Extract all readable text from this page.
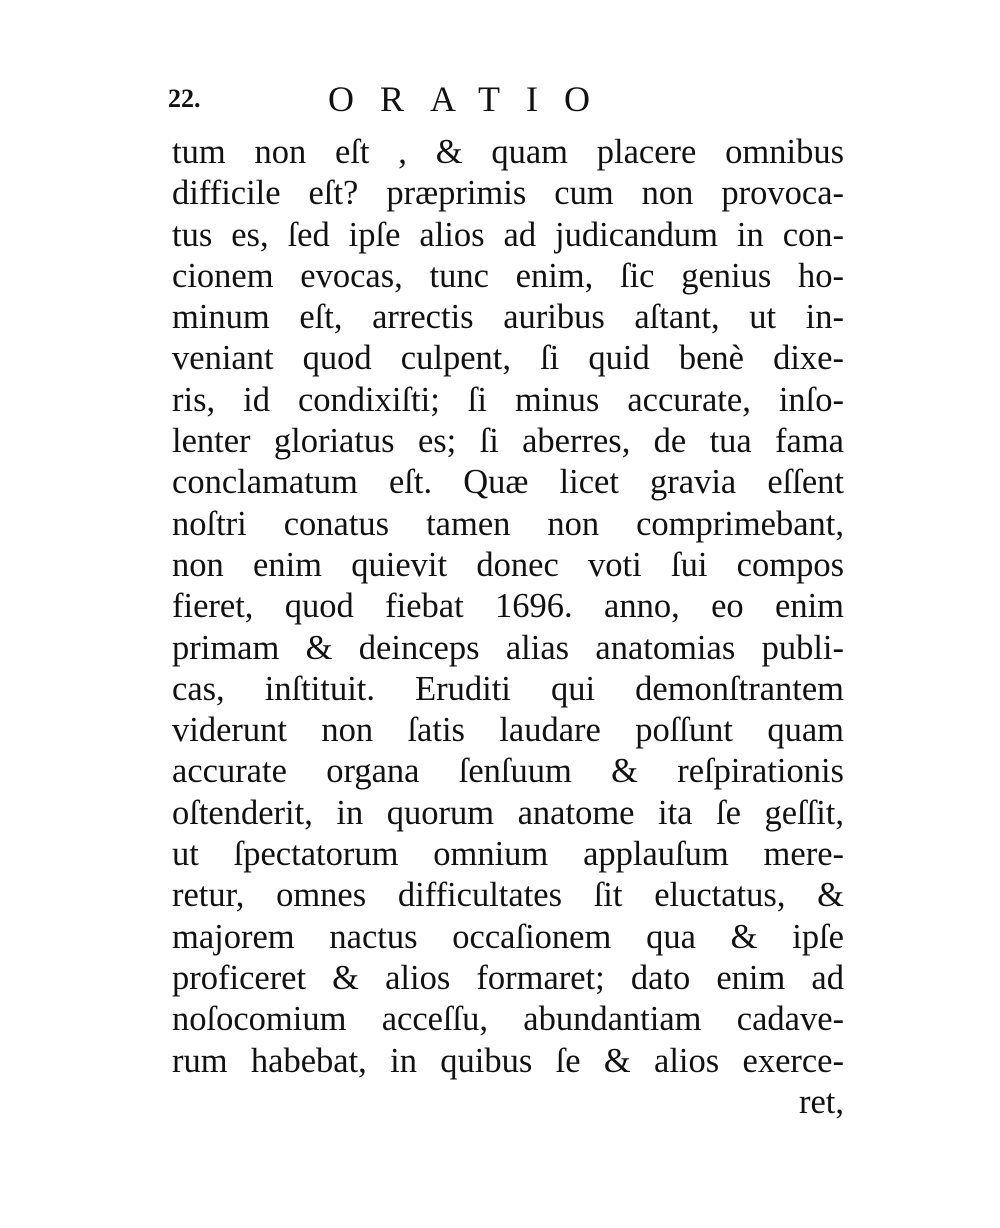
22.	ORATIO
tum non eſt , & quam placere omnibus
difficile eſt? præprimis cum non provoca-
tus es, ſed ipſe alios ad judicandum in con-
cionem evocas, tunc enim, ſic genius ho-
minum eſt, arrectis auribus aſtant, ut in-
veniant quod culpent, ſi quid benè dixe-
ris, id condixiſti; ſi minus accurate, inſo-
lenter gloriatus es; ſi aberres, de tua fama
conclamatum eſt. Quæ licet gravia eſſent
noſtri conatus tamen non comprimebant,
non enim quievit donec voti ſui compos
fieret, quod fiebat 1696. anno, eo enim
primam & deinceps alias anatomias publi-
cas, inſtituit. Eruditi qui demonſtrantem
viderunt non ſatis laudare poſſunt quam
accurate organa ſenſuum & reſpirationis
oſtenderit, in quorum anatome ita ſe geſſit,
ut ſpectatorum omnium applauſum mere-
retur, omnes difficultates ſit eluctatus, &
majorem nactus occaſionem qua & ipſe
proficeret & alios formaret; dato enim ad
noſocomium acceſſu, abundantiam cadave-
rum habebat, in quibus ſe & alios exerce-
ret,
